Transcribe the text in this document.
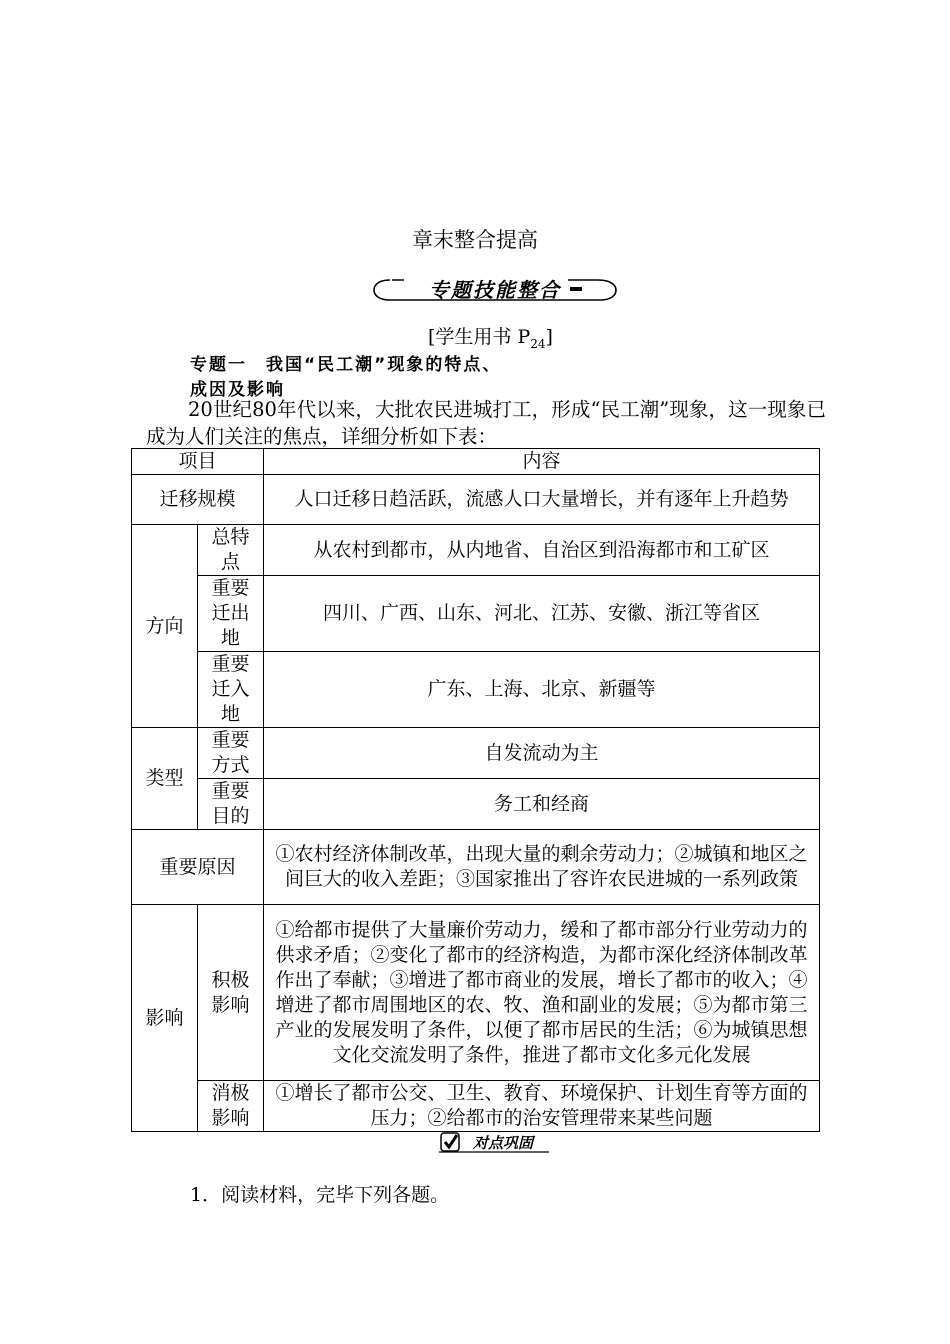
章末整合提高
专题技能整合
[学生用书 $P_{24}$]
专题一　我国“民工潮”现象的特点、
成因及影响
20世纪80年代以来，大批农民进城打工，形成“民工潮”现象，这一现象已成为人们关注的焦点，详细分析如下表：
项目		内容
迁移规模		人口迁移日趋活跃，流感人口大量增长，并有逐年上升趋势
方向	总特点	从农村到都市，从内地省、自治区到沿海都市和工矿区
	重要迁出地	四川、广西、山东、河北、江苏、安徽、浙江等省区
	重要迁入地	广东、上海、北京、新疆等
类型	重要方式	自发流动为主
	重要目的	务工和经商
重要原因		①农村经济体制改革，出现大量的剩余劳动力；②城镇和地区之间巨大的收入差距；③国家推出了容许农民进城的一系列政策
影响	积极影响	①给都市提供了大量廉价劳动力，缓和了都市部分行业劳动力的供求矛盾；②变化了都市的经济构造，为都市深化经济体制改革作出了奉献；③增进了都市商业的发展，增长了都市的收入；④增进了都市周围地区的农、牧、渔和副业的发展；⑤为都市第三产业的发展发明了条件，以便了都市居民的生活；⑥为城镇思想文化交流发明了条件，推进了都市文化多元化发展
	消极影响	①增长了都市公交、卫生、教育、环境保护、计划生育等方面的压力；②给都市的治安管理带来某些问题
对点巩固
1．阅读材料，完毕下列各题。
